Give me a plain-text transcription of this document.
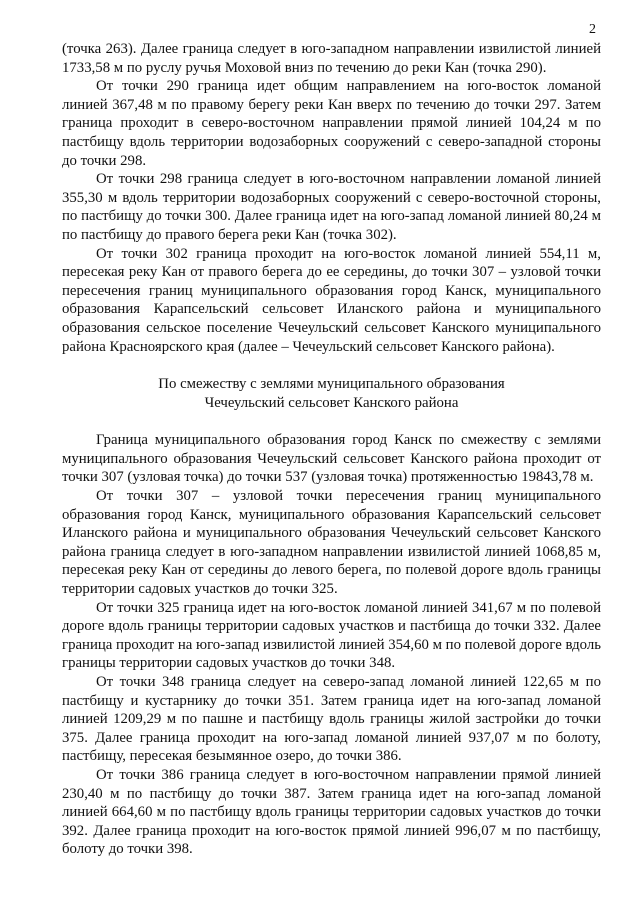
2

(точка 263). Далее граница следует в юго-западном направлении извилистой линией 1733,58 м по руслу ручья Моховой вниз по течению до реки Кан (точка 290).

От точки 290 граница идет общим направлением на юго-восток ломаной линией 367,48 м по правому берегу реки Кан вверх по течению до точки 297. Затем граница проходит в северо-восточном направлении прямой линией 104,24 м по пастбищу вдоль территории водозаборных сооружений с северо-западной стороны до точки 298.

От точки 298 граница следует в юго-восточном направлении ломаной линией 355,30 м вдоль территории водозаборных сооружений с северо-восточной стороны, по пастбищу до точки 300. Далее граница идет на юго-запад ломаной линией 80,24 м по пастбищу до правого берега реки Кан (точка 302).

От точки 302 граница проходит на юго-восток ломаной линией 554,11 м, пересекая реку Кан от правого берега до ее середины, до точки 307 – узловой точки пересечения границ муниципального образования город Канск, муниципального образования Карапсельский сельсовет Иланского района и муниципального образования сельское поселение Чечеульский сельсовет Канского муниципального района Красноярского края (далее – Чечеульский сельсовет Канского района).

По смежеству с землями муниципального образования
Чечеульский сельсовет Канского района

Граница муниципального образования город Канск по смежеству с землями муниципального образования Чечеульский сельсовет Канского района проходит от точки 307 (узловая точка) до точки 537 (узловая точка) протяженностью 19843,78 м.

От точки 307 – узловой точки пересечения границ муниципального образования город Канск, муниципального образования Карапсельский сельсовет Иланского района и муниципального образования Чечеульский сельсовет Канского района граница следует в юго-западном направлении извилистой линией 1068,85 м, пересекая реку Кан от середины до левого берега, по полевой дороге вдоль границы территории садовых участков до точки 325.

От точки 325 граница идет на юго-восток ломаной линией 341,67 м по полевой дороге вдоль границы территории садовых участков и пастбища до точки 332. Далее граница проходит на юго-запад извилистой линией 354,60 м по полевой дороге вдоль границы территории садовых участков до точки 348.

От точки 348 граница следует на северо-запад ломаной линией 122,65 м по пастбищу и кустарнику до точки 351. Затем граница идет на юго-запад ломаной линией 1209,29 м по пашне и пастбищу вдоль границы жилой застройки до точки 375. Далее граница проходит на юго-запад ломаной линией 937,07 м по болоту, пастбищу, пересекая безымянное озеро, до точки 386.

От точки 386 граница следует в юго-восточном направлении прямой линией 230,40 м по пастбищу до точки 387. Затем граница идет на юго-запад ломаной линией 664,60 м по пастбищу вдоль границы территории садовых участков до точки 392. Далее граница проходит на юго-восток прямой линией 996,07 м по пастбищу, болоту до точки 398.
